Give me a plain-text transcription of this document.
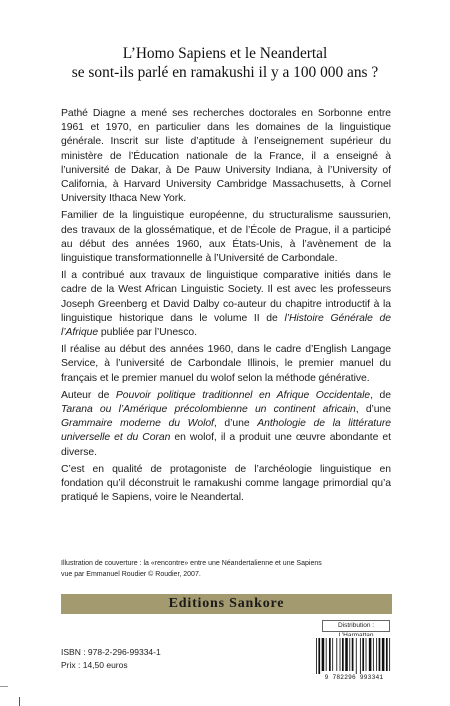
L’Homo Sapiens et le Neandertal
se sont-ils parlé en ramakushi il y a 100 000 ans ?

Pathé Diagne a mené ses recherches doctorales en Sorbonne entre 1961 et 1970, en particulier dans les domaines de la linguistique générale. Inscrit sur liste d’aptitude à l’enseignement supérieur du ministère de l’Éducation nationale de la France, il a enseigné à l’université de Dakar, à De Pauw University Indiana, à l’University of California, à Harvard University Cambridge Massachusetts, à Cornel University Ithaca New York.

Familier de la linguistique européenne, du structuralisme saussurien, des travaux de la glossématique, et de l’École de Prague, il a participé au début des années 1960, aux États-Unis, à l’avènement de la linguistique transformationnelle à l’Université de Carbondale.

Il a contribué aux travaux de linguistique comparative initiés dans le cadre de la West African Linguistic Society. Il est avec les professeurs Joseph Greenberg et David Dalby co-auteur du chapitre introductif à la linguistique historique dans le volume II de l’Histoire Générale de l’Afrique publiée par l’Unesco.

Il réalise au début des années 1960, dans le cadre d’English Langage Service, à l’université de Carbondale Illinois, le premier manuel du français et le premier manuel du wolof selon la méthode générative.

Auteur de Pouvoir politique traditionnel en Afrique Occidentale, de Tarana ou l’Amérique précolombienne un continent africain, d’une Grammaire moderne du Wolof, d’une Anthologie de la littérature universelle et du Coran en wolof, il a produit une œuvre abondante et diverse.

C’est en qualité de protagoniste de l’archéologie linguistique en fondation qu’il déconstruit le ramakushi comme langage primordial qu’a pratiqué le Sapiens, voire le Neandertal.

Illustration de couverture : la «rencontre» entre une Néandertalienne et une Sapiens
vue par Emmanuel Roudier © Roudier, 2007.
Editions Sankore
Distribution :
ISBN : 978-2-296-99334-1
Prix : 14,50 euros
9 782296 993341
